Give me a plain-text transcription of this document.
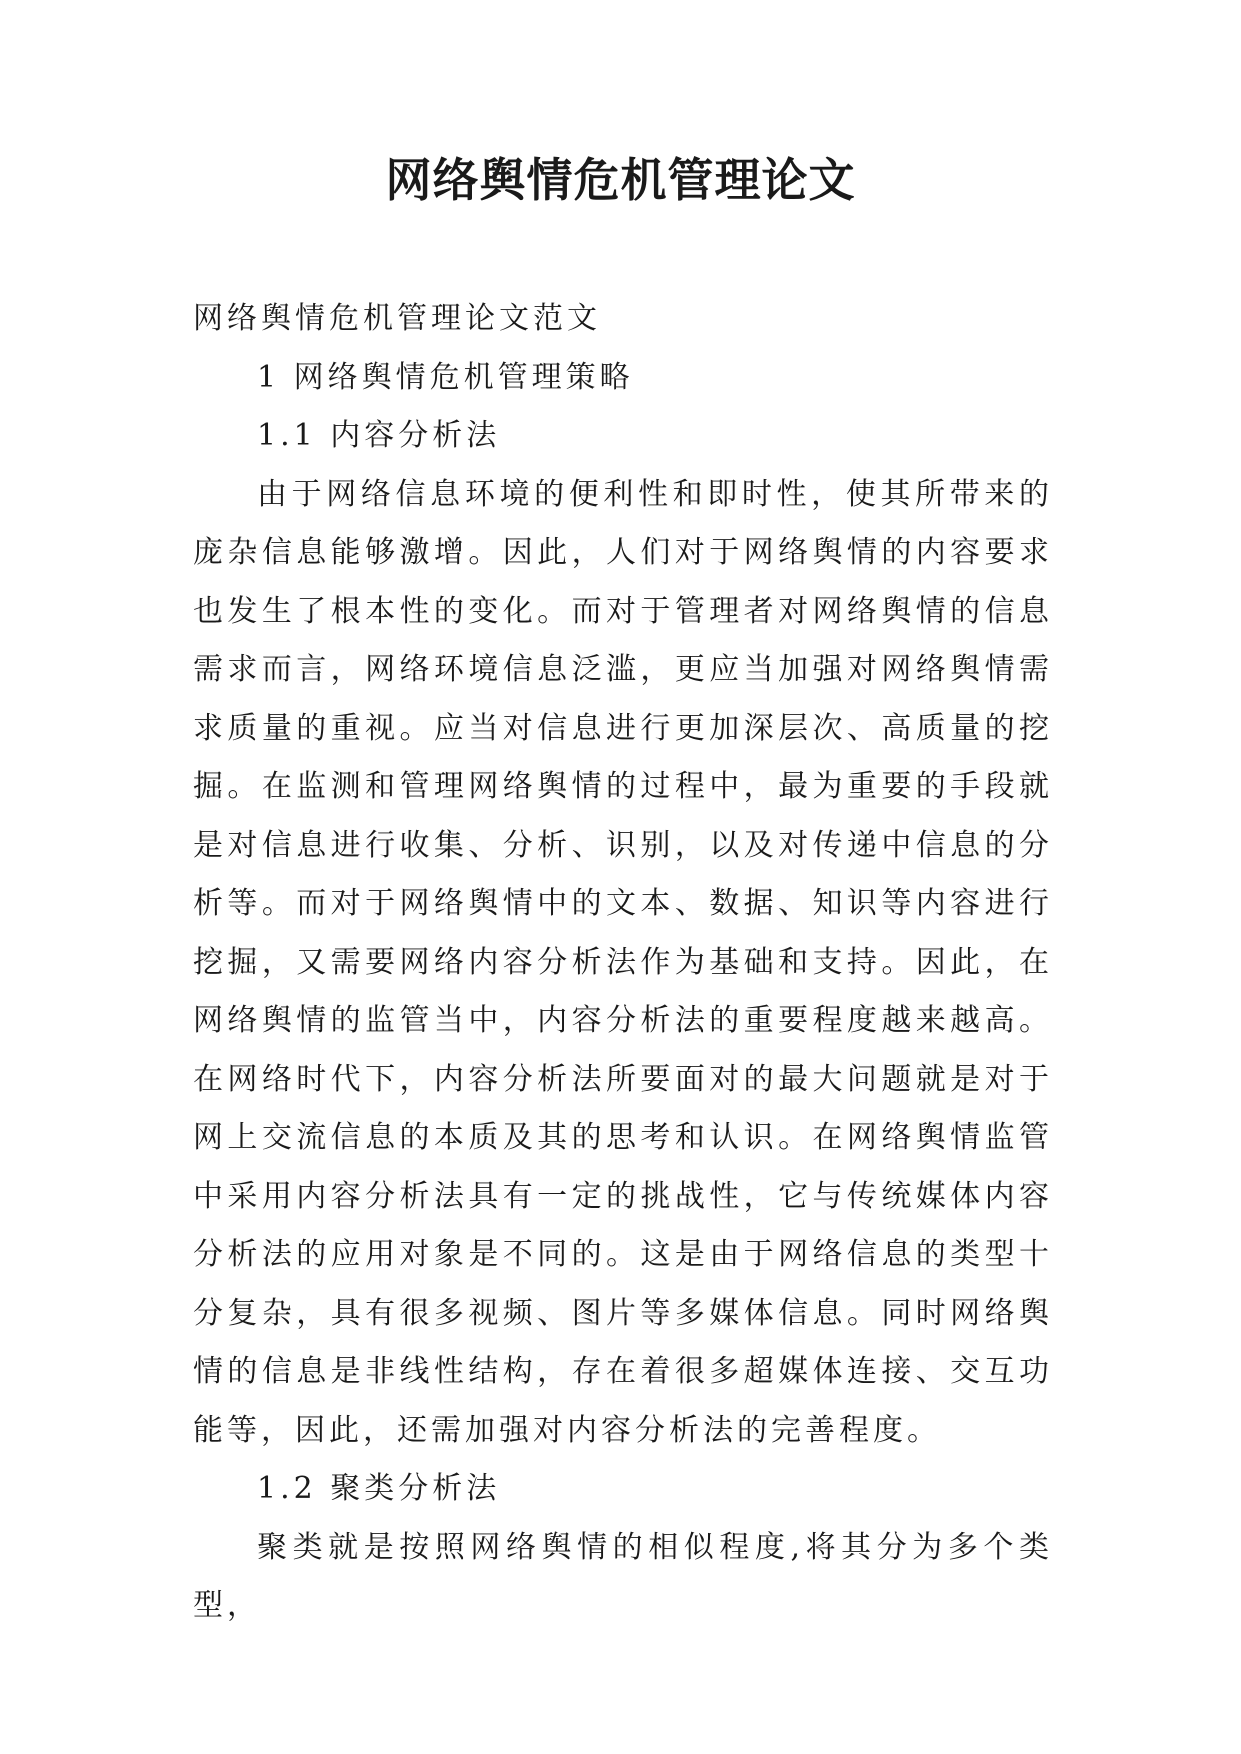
网络舆情危机管理论文

网络舆情危机管理论文范文

1 网络舆情危机管理策略

1.1 内容分析法

由于网络信息环境的便利性和即时性，使其所带来的庞杂信息能够激增。因此，人们对于网络舆情的内容要求也发生了根本性的变化。而对于管理者对网络舆情的信息需求而言，网络环境信息泛滥，更应当加强对网络舆情需求质量的重视。应当对信息进行更加深层次、高质量的挖掘。在监测和管理网络舆情的过程中，最为重要的手段就是对信息进行收集、分析、识别，以及对传递中信息的分析等。而对于网络舆情中的文本、数据、知识等内容进行挖掘，又需要网络内容分析法作为基础和支持。因此，在网络舆情的监管当中，内容分析法的重要程度越来越高。在网络时代下，内容分析法所要面对的最大问题就是对于网上交流信息的本质及其的思考和认识。在网络舆情监管中采用内容分析法具有一定的挑战性，它与传统媒体内容分析法的应用对象是不同的。这是由于网络信息的类型十分复杂，具有很多视频、图片等多媒体信息。同时网络舆情的信息是非线性结构，存在着很多超媒体连接、交互功能等，因此，还需加强对内容分析法的完善程度。

1.2 聚类分析法

聚类就是按照网络舆情的相似程度,将其分为多个类型，
